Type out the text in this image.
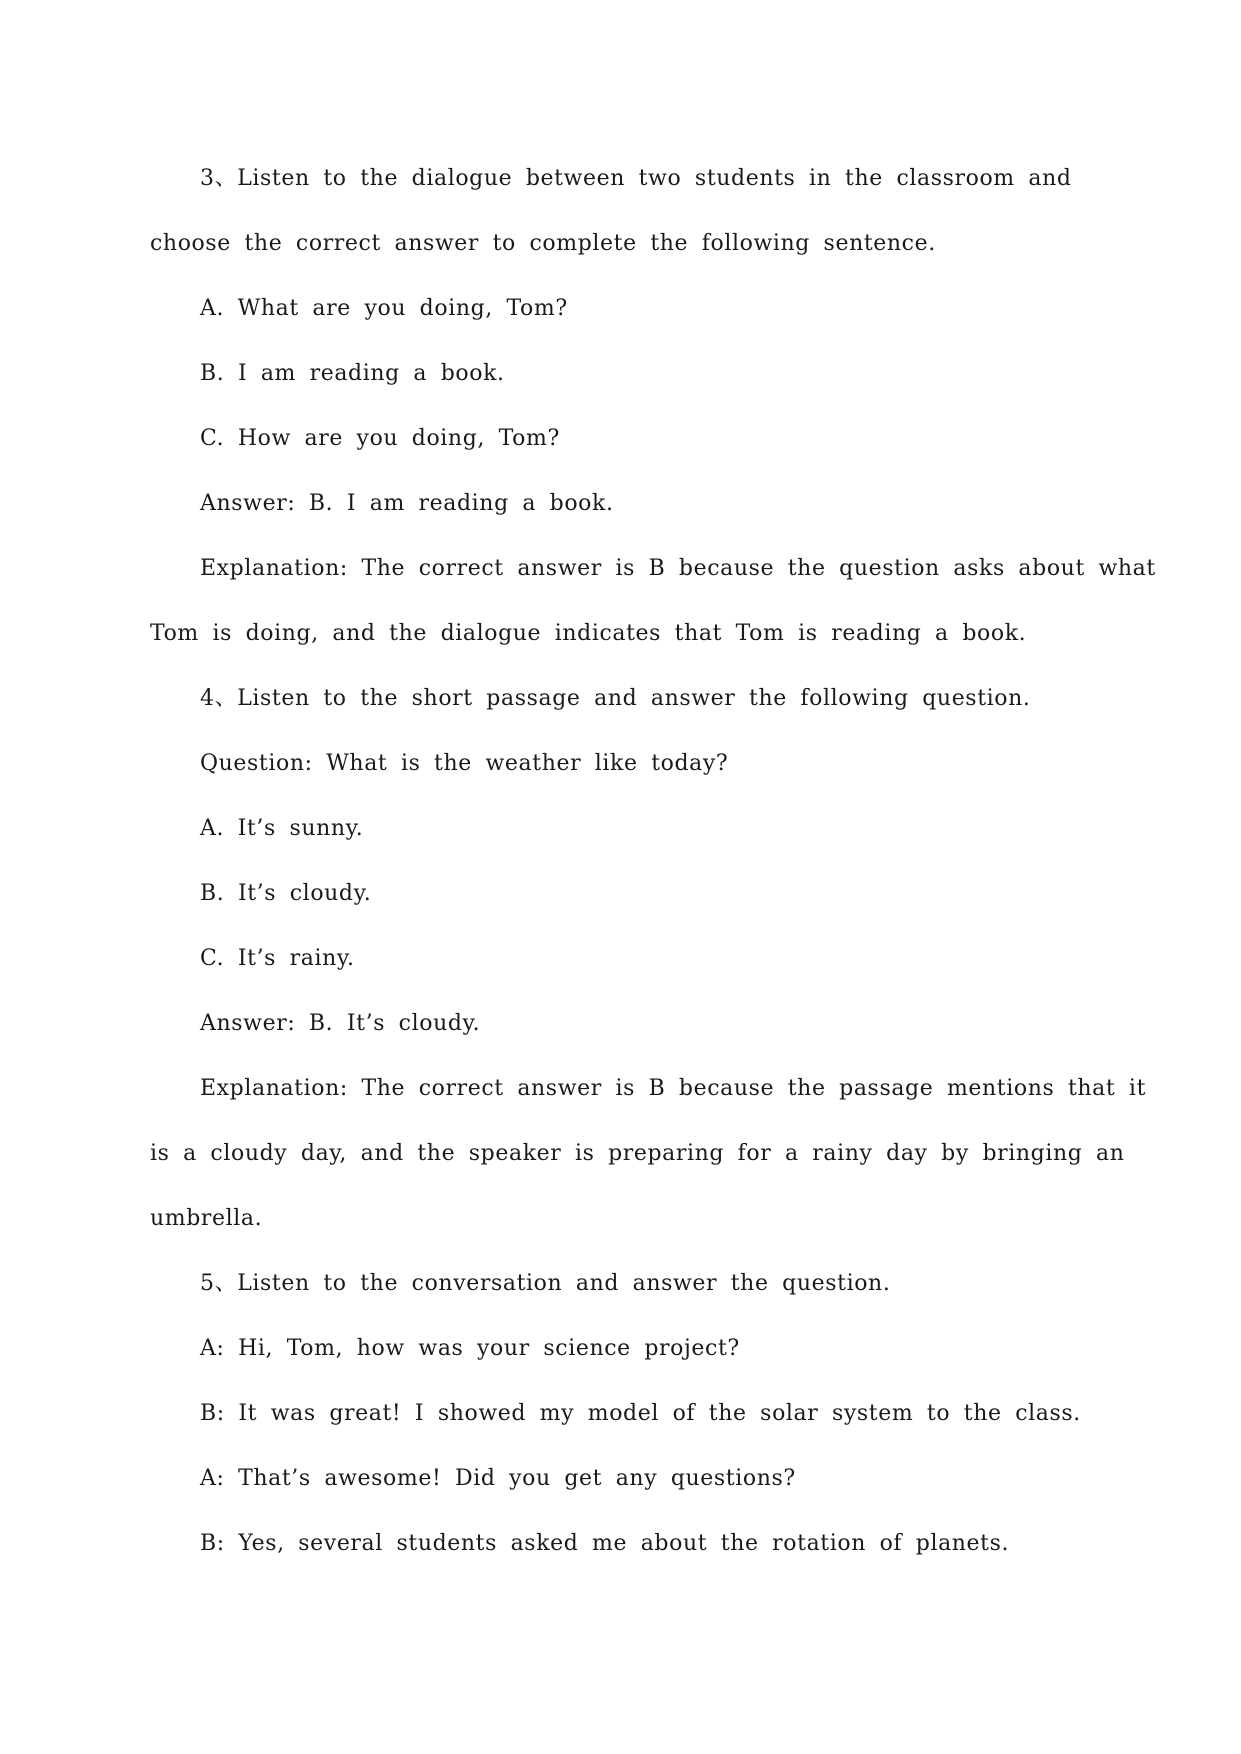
3、Listen to the dialogue between two students in the classroom and
choose the correct answer to complete the following sentence.
A. What are you doing, Tom?
B. I am reading a book.
C. How are you doing, Tom?
Answer: B. I am reading a book.
Explanation: The correct answer is B because the question asks about what
Tom is doing, and the dialogue indicates that Tom is reading a book.
4、Listen to the short passage and answer the following question.
Question: What is the weather like today?
A. It’s sunny.
B. It’s cloudy.
C. It’s rainy.
Answer: B. It’s cloudy.
Explanation: The correct answer is B because the passage mentions that it
is a cloudy day, and the speaker is preparing for a rainy day by bringing an
umbrella.
5、Listen to the conversation and answer the question.
A: Hi, Tom, how was your science project?
B: It was great! I showed my model of the solar system to the class.
A: That’s awesome! Did you get any questions?
B: Yes, several students asked me about the rotation of planets.
